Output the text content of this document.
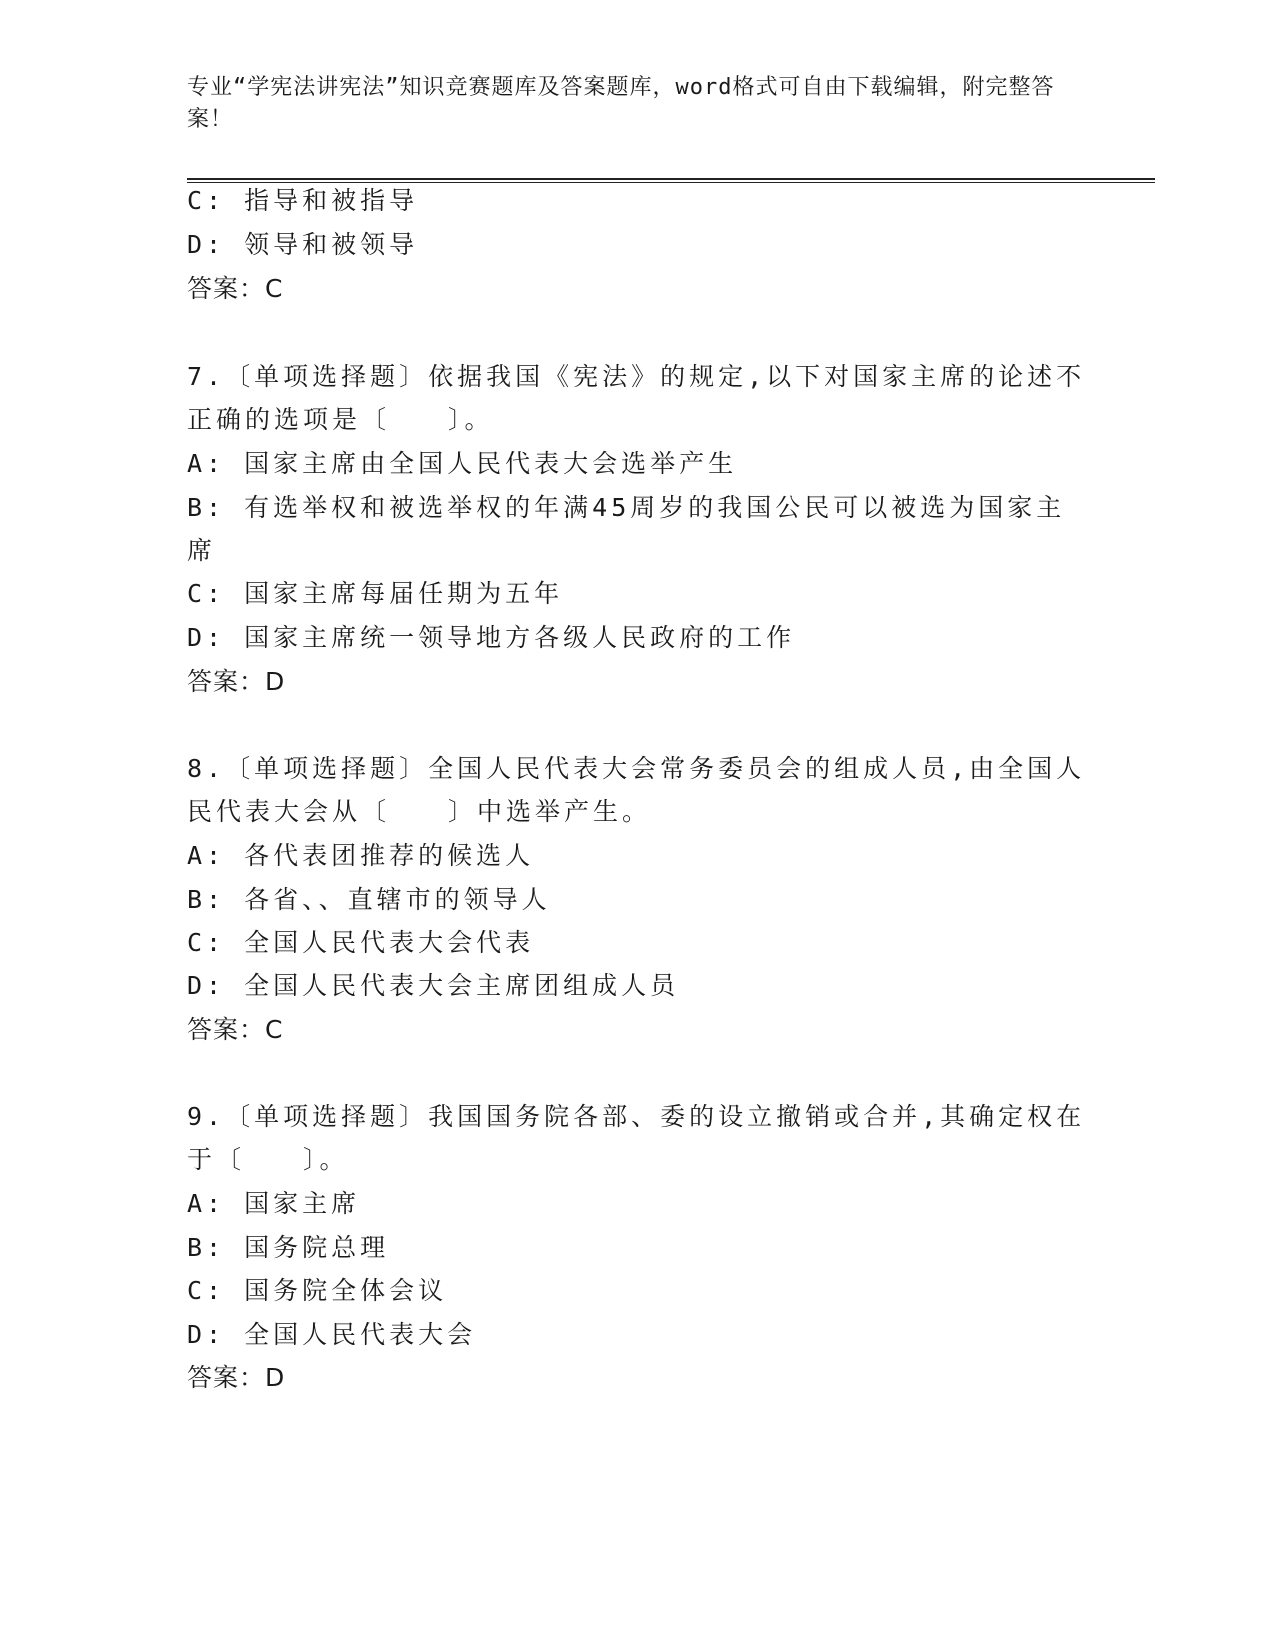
专业“学宪法讲宪法”知识竞赛题库及答案题库，word格式可自由下载编辑，附完整答案！
C: 指导和被指导
D: 领导和被领导
答案：C
7.〔单项选择题〕依据我国《宪法》的规定,以下对国家主席的论述不
正确的选项是〔　　〕。
A: 国家主席由全国人民代表大会选举产生
B: 有选举权和被选举权的年满45周岁的我国公民可以被选为国家主
席
C: 国家主席每届任期为五年
D: 国家主席统一领导地方各级人民政府的工作
答案：D
8.〔单项选择题〕全国人民代表大会常务委员会的组成人员,由全国人
民代表大会从〔　　〕中选举产生。
A: 各代表团推荐的候选人
B: 各省、、直辖市的领导人
C: 全国人民代表大会代表
D: 全国人民代表大会主席团组成人员
答案：C
9.〔单项选择题〕我国国务院各部、委的设立撤销或合并,其确定权在
于〔　　〕。
A: 国家主席
B: 国务院总理
C: 国务院全体会议
D: 全国人民代表大会
答案：D
